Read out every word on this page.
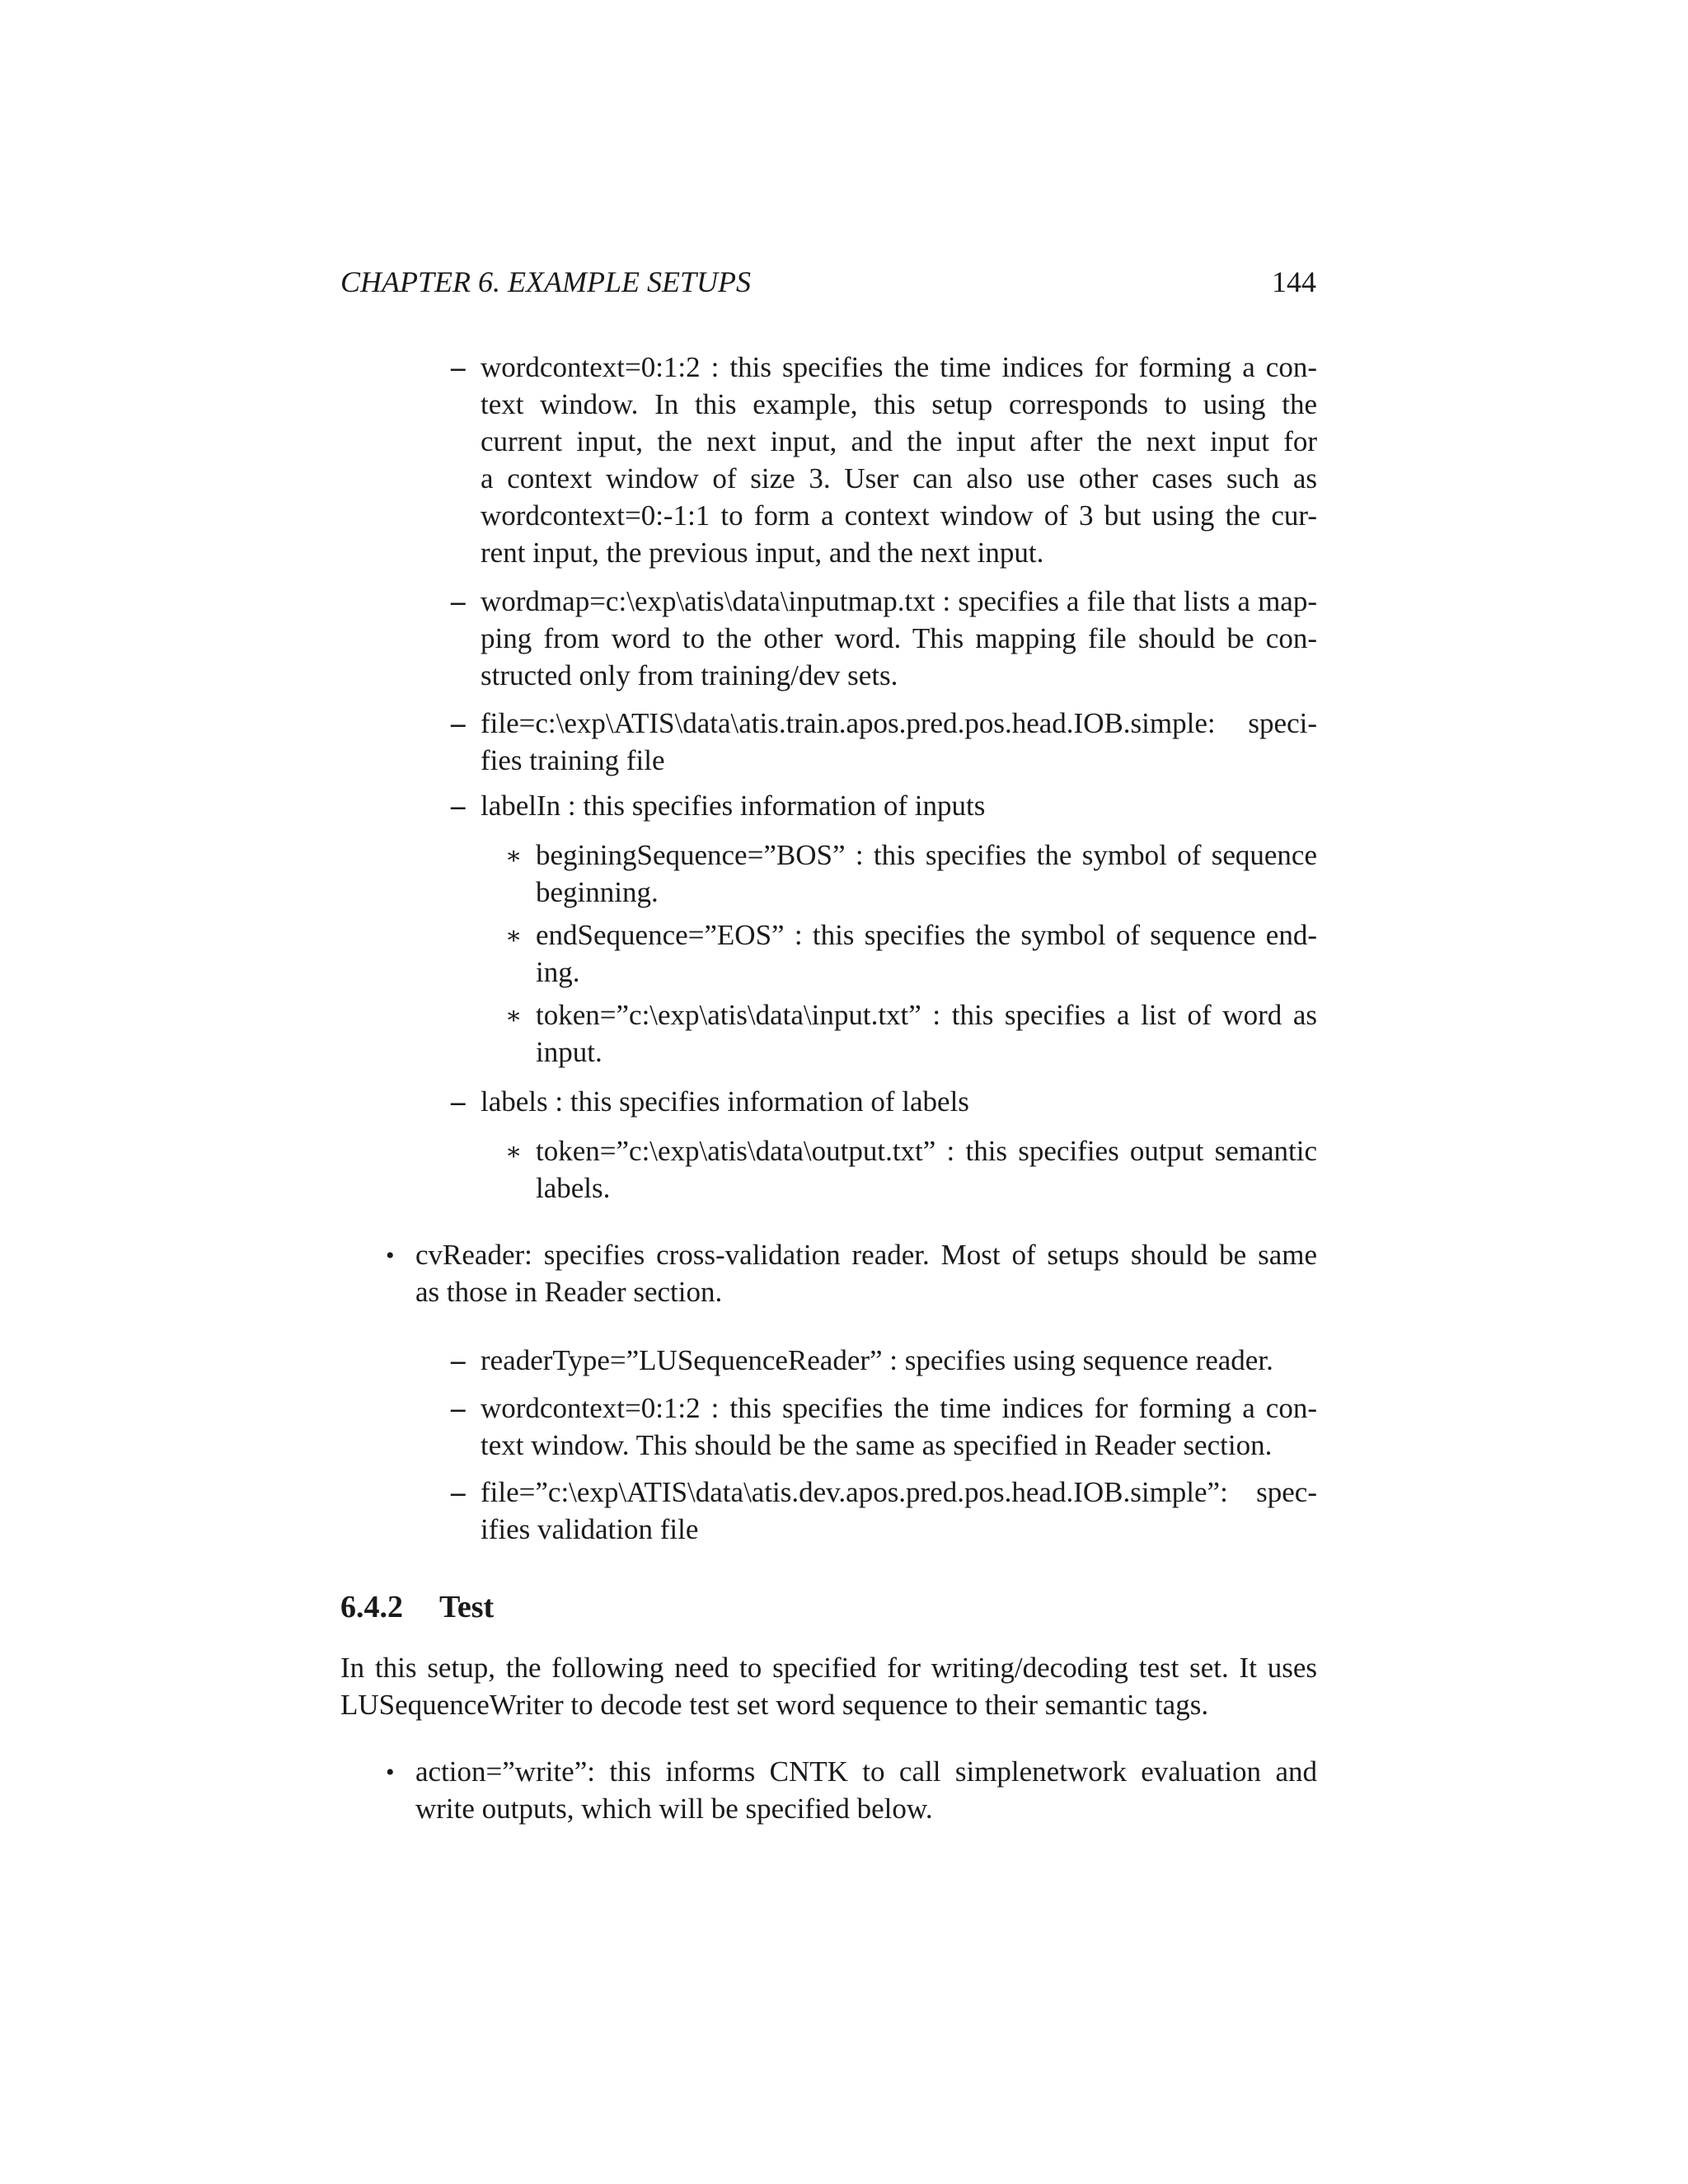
CHAPTER 6. EXAMPLE SETUPS	144
– wordcontext=0:1:2 : this specifies the time indices for forming a con-
text window. In this example, this setup corresponds to using the
current input, the next input, and the input after the next input for
a context window of size 3. User can also use other cases such as
wordcontext=0:-1:1 to form a context window of 3 but using the cur-
rent input, the previous input, and the next input.
– wordmap=c:\exp\atis\data\inputmap.txt : specifies a file that lists a map-
ping from word to the other word. This mapping file should be con-
structed only from training/dev sets.
– file=c:\exp\ATIS\data\atis.train.apos.pred.pos.head.IOB.simple: speci-
fies training file
– labelIn : this specifies information of inputs
∗ beginingSequence=”BOS” : this specifies the symbol of sequence
beginning.
∗ endSequence=”EOS” : this specifies the symbol of sequence end-
ing.
∗ token=”c:\exp\atis\data\input.txt” : this specifies a list of word as
input.
– labels : this specifies information of labels
∗ token=”c:\exp\atis\data\output.txt” : this specifies output semantic
labels.
• cvReader: specifies cross-validation reader. Most of setups should be same
as those in Reader section.
– readerType=”LUSequenceReader” : specifies using sequence reader.
– wordcontext=0:1:2 : this specifies the time indices for forming a con-
text window. This should be the same as specified in Reader section.
– file=”c:\exp\ATIS\data\atis.dev.apos.pred.pos.head.IOB.simple”: spec-
ifies validation file
6.4.2 Test
In this setup, the following need to specified for writing/decoding test set. It uses
LUSequenceWriter to decode test set word sequence to their semantic tags.
• action=”write”: this informs CNTK to call simplenetwork evaluation and
write outputs, which will be specified below.
